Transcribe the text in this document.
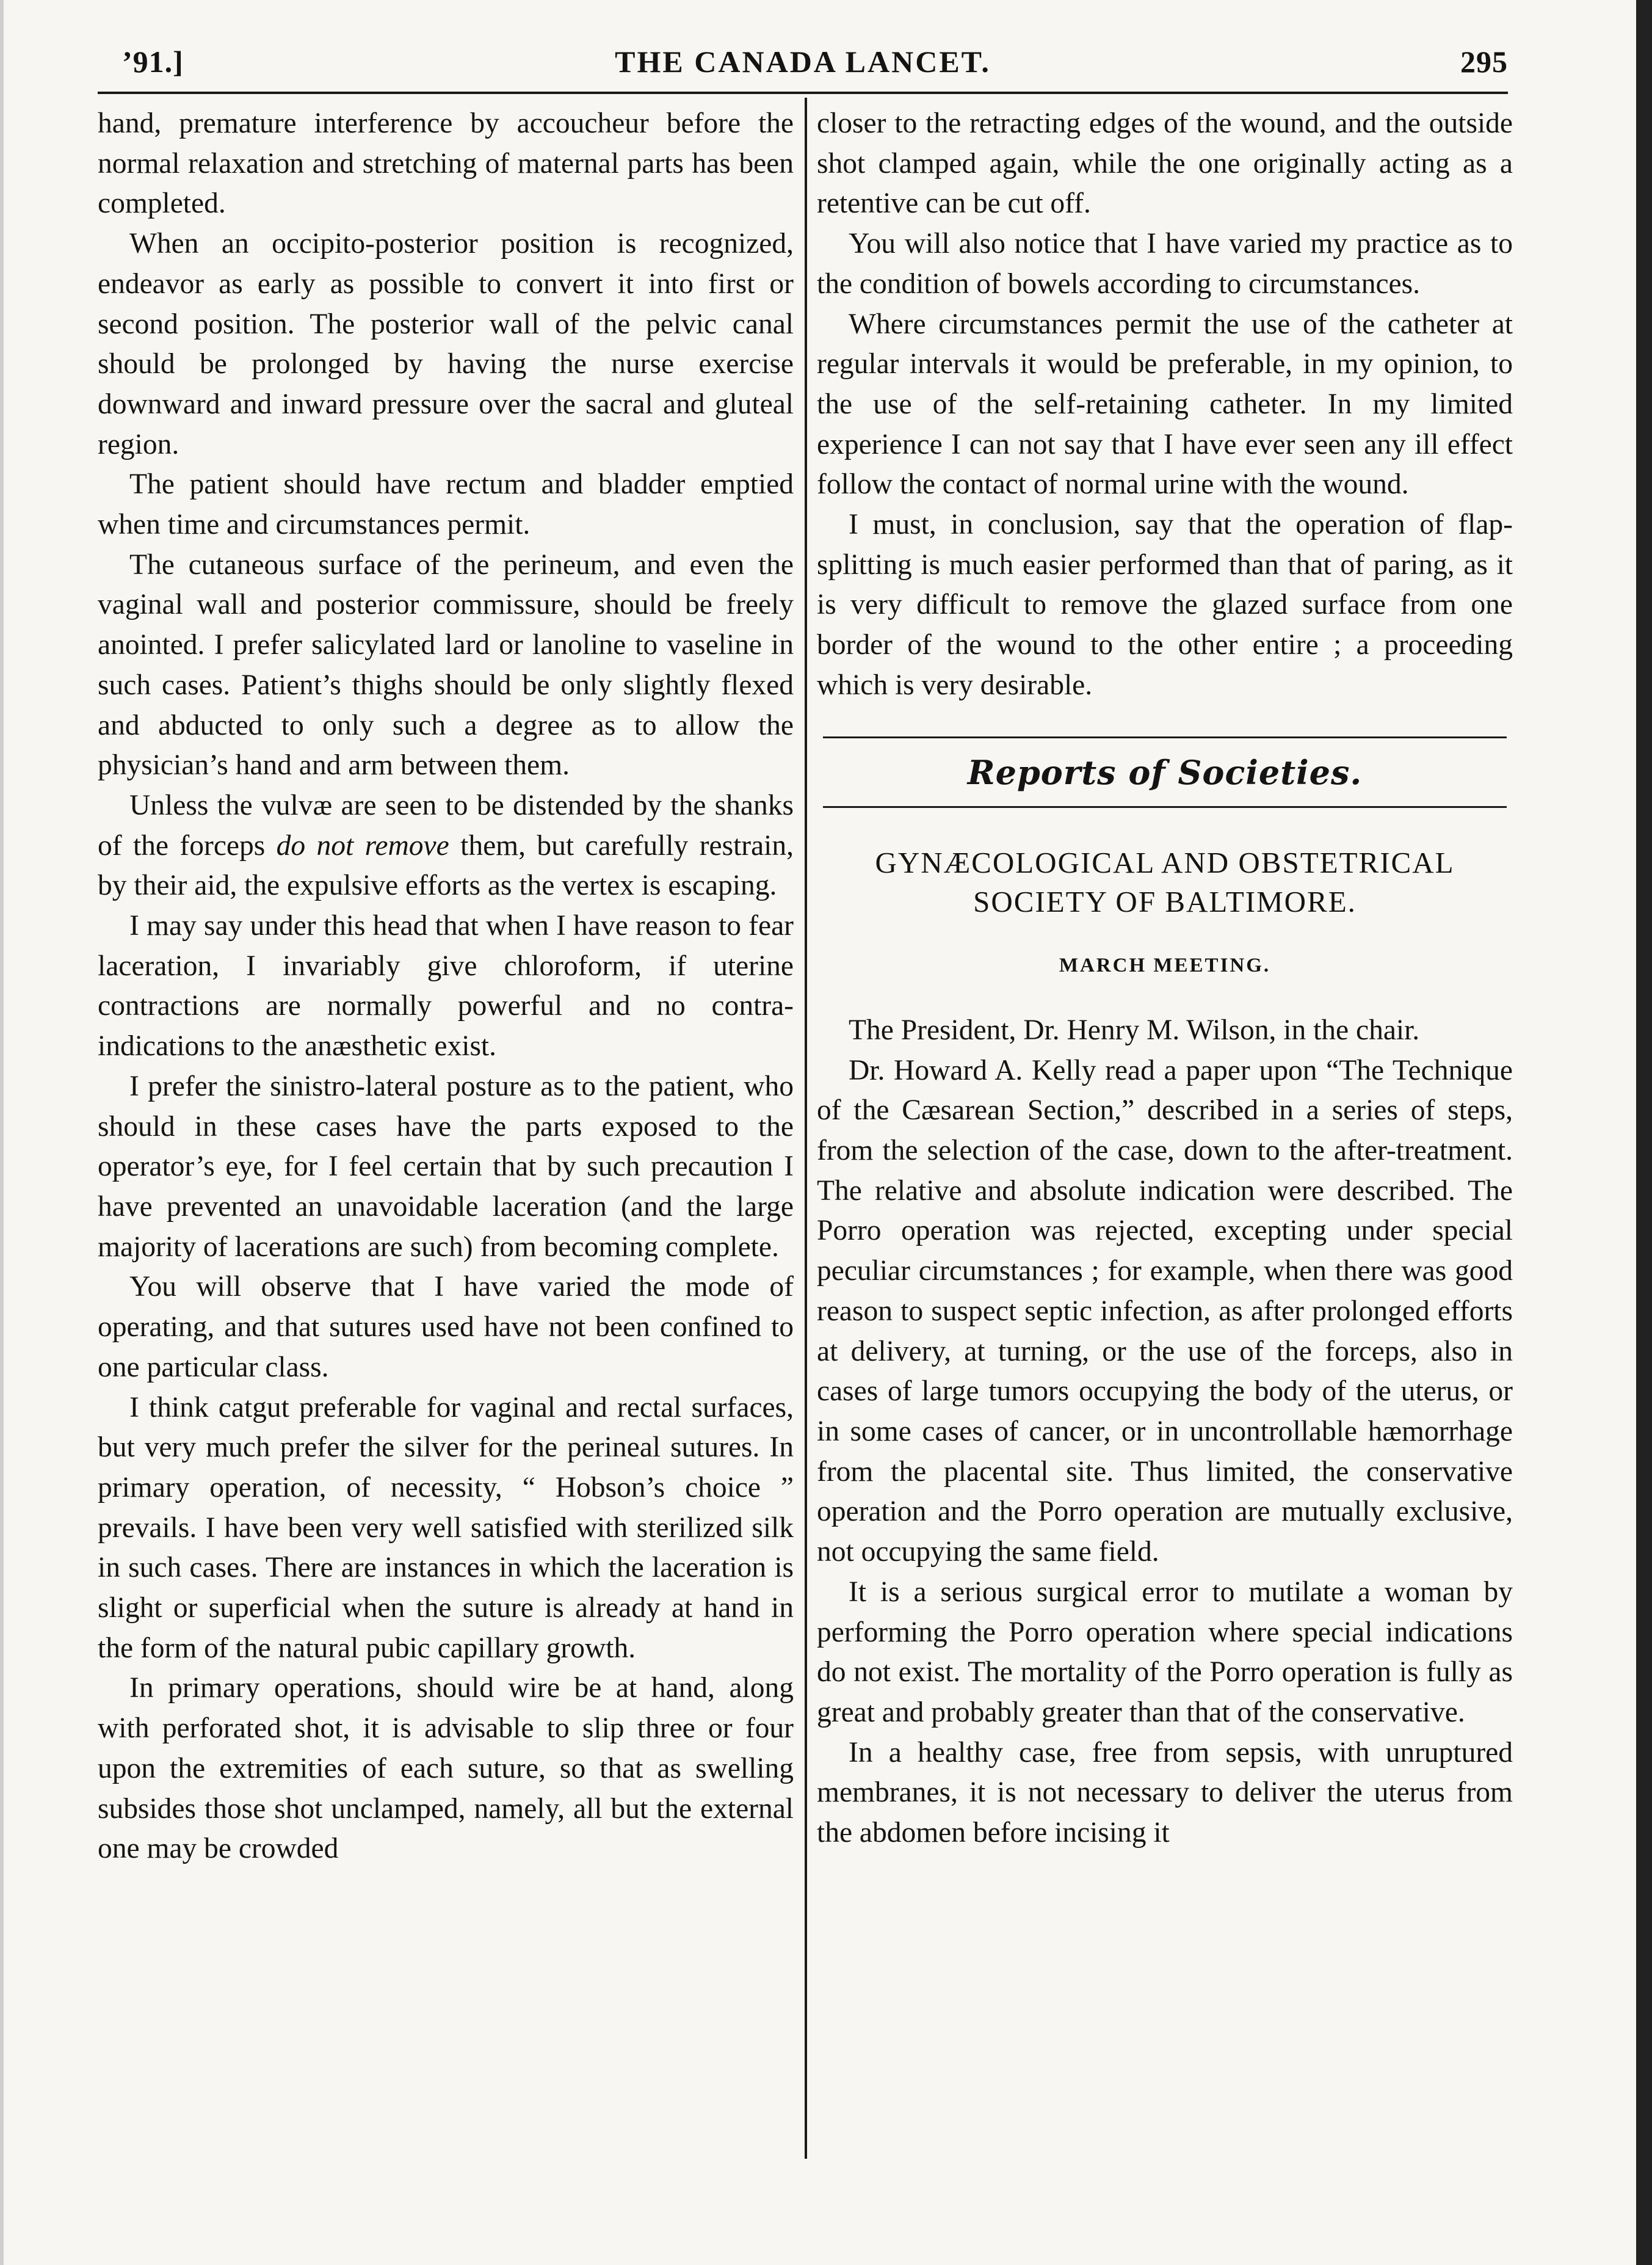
’91.]	THE CANADA LANCET.	295

hand, premature interference by accoucheur before the normal relaxation and stretching of maternal parts has been completed.

When an occipito-posterior position is recognized, endeavor as early as possible to convert it into first or second position. The posterior wall of the pelvic canal should be prolonged by having the nurse exercise downward and inward pressure over the sacral and gluteal region.

The patient should have rectum and bladder emptied when time and circumstances permit.

The cutaneous surface of the perineum, and even the vaginal wall and posterior commissure, should be freely anointed. I prefer salicylated lard or lanoline to vaseline in such cases. Patient’s thighs should be only slightly flexed and abducted to only such a degree as to allow the physician’s hand and arm between them.

Unless the vulvæ are seen to be distended by the shanks of the forceps do not remove them, but carefully restrain, by their aid, the expulsive efforts as the vertex is escaping.

I may say under this head that when I have reason to fear laceration, I invariably give chloroform, if uterine contractions are normally powerful and no contra-indications to the anæsthetic exist.

I prefer the sinistro-lateral posture as to the patient, who should in these cases have the parts exposed to the operator’s eye, for I feel certain that by such precaution I have prevented an unavoidable laceration (and the large majority of lacerations are such) from becoming complete.

You will observe that I have varied the mode of operating, and that sutures used have not been confined to one particular class.

I think catgut preferable for vaginal and rectal surfaces, but very much prefer the silver for the perineal sutures. In primary operation, of necessity, “ Hobson’s choice ” prevails. I have been very well satisfied with sterilized silk in such cases. There are instances in which the laceration is slight or superficial when the suture is already at hand in the form of the natural pubic capillary growth.

In primary operations, should wire be at hand, along with perforated shot, it is advisable to slip three or four upon the extremities of each suture, so that as swelling subsides those shot unclamped, namely, all but the external one may be crowded

closer to the retracting edges of the wound, and the outside shot clamped again, while the one originally acting as a retentive can be cut off.

You will also notice that I have varied my practice as to the condition of bowels according to circumstances.

Where circumstances permit the use of the catheter at regular intervals it would be preferable, in my opinion, to the use of the self-retaining catheter. In my limited experience I can not say that I have ever seen any ill effect follow the contact of normal urine with the wound.

I must, in conclusion, say that the operation of flap-splitting is much easier performed than that of paring, as it is very difficult to remove the glazed surface from one border of the wound to the other entire ; a proceeding which is very desirable.

Reports of Societies.
GYNÆCOLOGICAL AND OBSTETRICAL
SOCIETY OF BALTIMORE.
MARCH MEETING.

The President, Dr. Henry M. Wilson, in the chair.

Dr. Howard A. Kelly read a paper upon “The Technique of the Cæsarean Section,” described in a series of steps, from the selection of the case, down to the after-treatment. The relative and absolute indication were described. The Porro operation was rejected, excepting under special peculiar circumstances ; for example, when there was good reason to suspect septic infection, as after prolonged efforts at delivery, at turning, or the use of the forceps, also in cases of large tumors occupying the body of the uterus, or in some cases of cancer, or in uncontrollable hæmorrhage from the placental site. Thus limited, the conservative operation and the Porro operation are mutually exclusive, not occupying the same field.

It is a serious surgical error to mutilate a woman by performing the Porro operation where special indications do not exist. The mortality of the Porro operation is fully as great and probably greater than that of the conservative.

In a healthy case, free from sepsis, with unruptured membranes, it is not necessary to deliver the uterus from the abdomen before incising it
